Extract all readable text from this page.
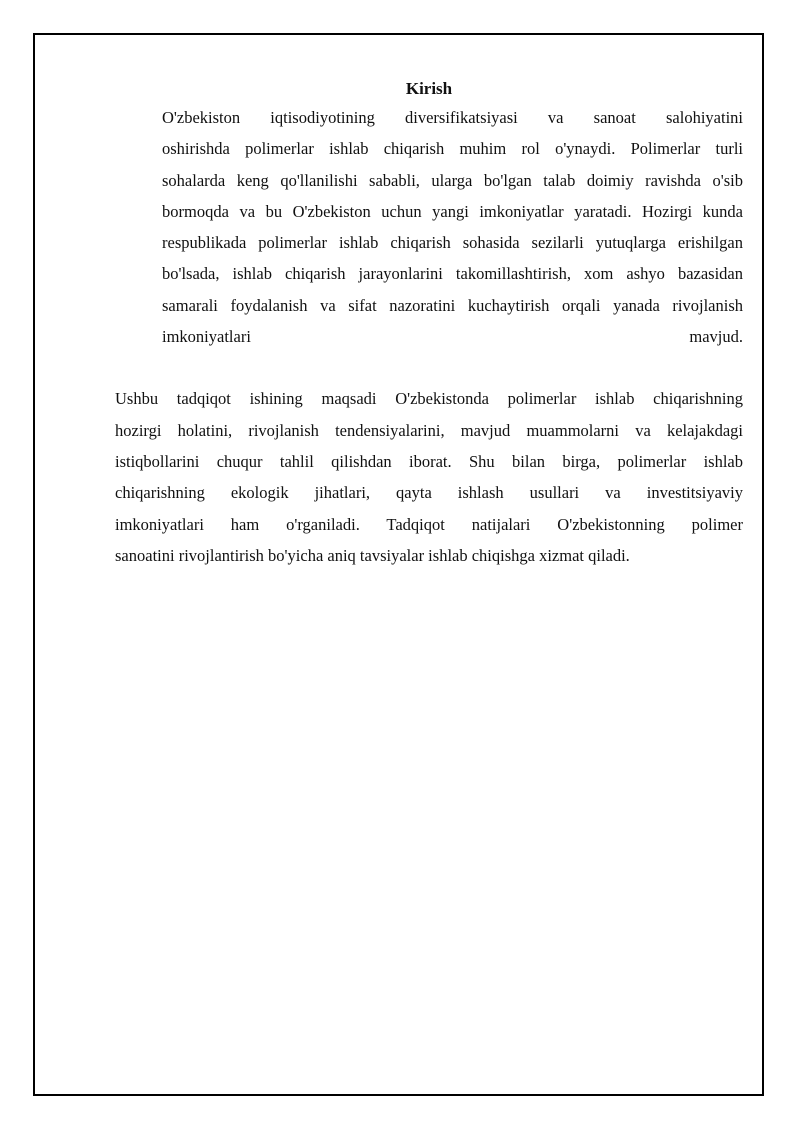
Kirish
O'zbekiston iqtisodiyotining diversifikatsiyasi va sanoat salohiyatini
oshirishda polimerlar ishlab chiqarish muhim rol o'ynaydi. Polimerlar turli
sohalarda keng qo'llanilishi sababli, ularga bo'lgan talab doimiy ravishda o'sib
bormoqda va bu O'zbekiston uchun yangi imkoniyatlar yaratadi. Hozirgi kunda
respublikada polimerlar ishlab chiqarish sohasida sezilarli yutuqlarga erishilgan
bo'lsada, ishlab chiqarish jarayonlarini takomillashtirish, xom ashyo bazasidan
samarali foydalanish va sifat nazoratini kuchaytirish orqali yanada rivojlanish
imkoniyatlari mavjud.
Ushbu tadqiqot ishining maqsadi O'zbekistonda polimerlar ishlab chiqarishning
hozirgi holatini, rivojlanish tendensiyalarini, mavjud muammolarni va kelajakdagi
istiqbollarini chuqur tahlil qilishdan iborat. Shu bilan birga, polimerlar ishlab
chiqarishning ekologik jihatlari, qayta ishlash usullari va investitsiyaviy
imkoniyatlari ham o'rganiladi. Tadqiqot natijalari O'zbekistonning polimer
sanoatini rivojlantirish bo'yicha aniq tavsiyalar ishlab chiqishga xizmat qiladi.
